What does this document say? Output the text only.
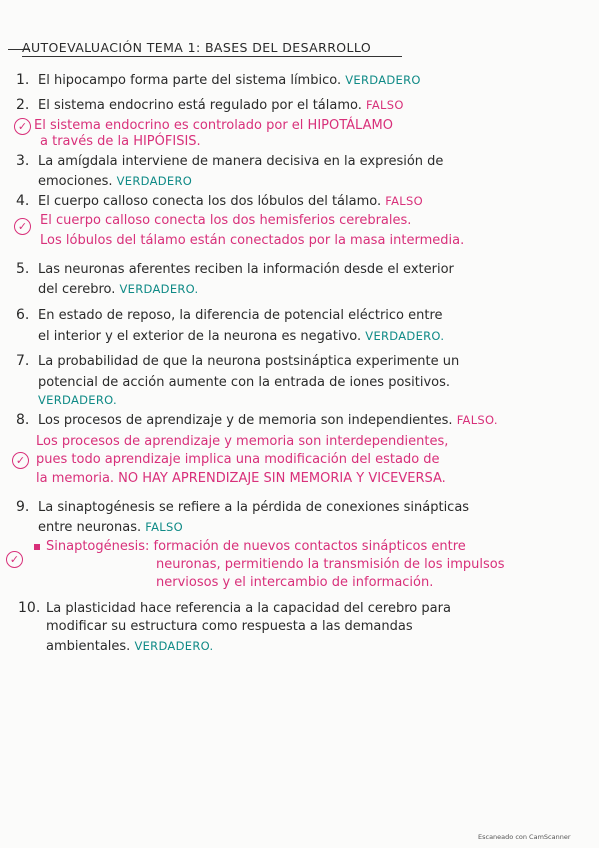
AUTOEVALUACIÓN TEMA 1: BASES DEL DESARROLLO
1. El hipocampo forma parte del sistema límbico. VERDADERO
2. El sistema endocrino está regulado por el tálamo. FALSO
✓ El sistema endocrino es controlado por el HIPOTÁLAMO
a través de la HIPÓFISIS.
3. La amígdala interviene de manera decisiva en la expresión de
emociones. VERDADERO
4. El cuerpo calloso conecta los dos lóbulos del tálamo. FALSO
✓ El cuerpo calloso conecta los dos hemisferios cerebrales.
Los lóbulos del tálamo están conectados por la masa intermedia.
5. Las neuronas aferentes reciben la información desde el exterior
del cerebro. VERDADERO.
6. En estado de reposo, la diferencia de potencial eléctrico entre
el interior y el exterior de la neurona es negativo. VERDADERO.
7. La probabilidad de que la neurona postsináptica experimente un
potencial de acción aumente con la entrada de iones positivos.
VERDADERO.
8. Los procesos de aprendizaje y de memoria son independientes. FALSO.
Los procesos de aprendizaje y memoria son interdependientes,
✓ pues todo aprendizaje implica una modificación del estado de
la memoria. NO HAY APRENDIZAJE SIN MEMORIA Y VICEVERSA.
9. La sinaptogénesis se refiere a la pérdida de conexiones sinápticas
entre neuronas. FALSO
✓
Sinaptogénesis: formación de nuevos contactos sinápticos entre
neuronas, permitiendo la transmisión de los impulsos
nerviosos y el intercambio de información.
10. La plasticidad hace referencia a la capacidad del cerebro para
modificar su estructura como respuesta a las demandas
ambientales. VERDADERO.
Escaneado con CamScanner
